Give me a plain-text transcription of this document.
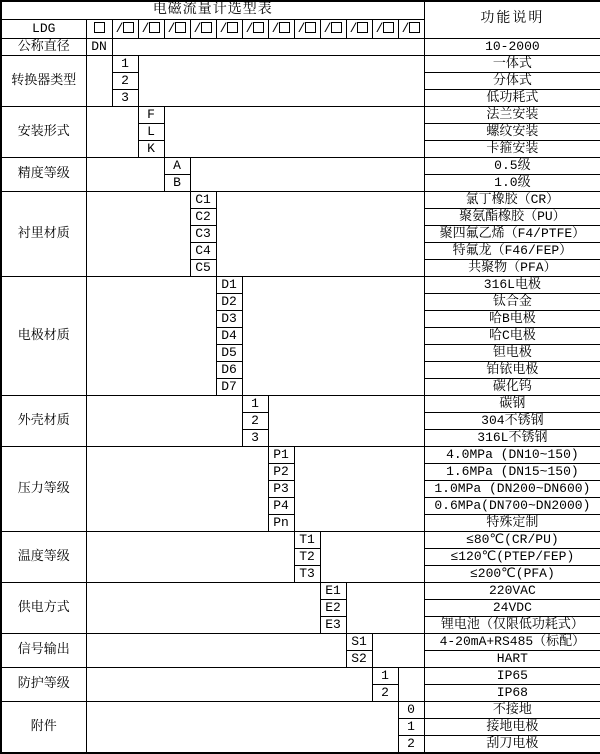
电磁流量计选型表														功能说明
LDG		/	/	/	/	/	/	/	/	/	/	/	/	
公称直径	DN													10-2000
转换器类型		1												一体式
		2												分体式
		3												低功耗式
安装形式			F											法兰安装
			L											螺纹安装
			K											卡箍安装
精度等级				A										0.5级
				B										1.0级
衬里材质					C1									氯丁橡胶（CR）
					C2									聚氨酯橡胶（PU）
					C3									聚四氟乙烯（F4/PTFE）
					C4									特氟龙（F46/FEP）
					C5									共聚物（PFA）
电极材质						D1								316L电极
						D2								钛合金
						D3								哈B电极
						D4								哈C电极
						D5								钽电极
						D6								铂铱电极
						D7								碳化钨
外壳材质							1							碳钢
							2							304不锈钢
							3							316L不锈钢
压力等级								P1						4.0MPa (DN10~150)
								P2						1.6MPa (DN15~150)
								P3						1.0MPa (DN200~DN600)
								P4						0.6MPa(DN700~DN2000)
								Pn						特殊定制
温度等级									T1					≤80℃(CR/PU)
									T2					≤120℃(PTEP/FEP)
									T3					≤200℃(PFA)
供电方式										E1				220VAC
										E2				24VDC
										E3				锂电池（仅限低功耗式）
信号输出											S1			4-20mA+RS485（标配）
											S2			HART
防护等级												1		IP65
												2		IP68
附件													0	不接地
													1	接地电极
													2	刮刀电极
